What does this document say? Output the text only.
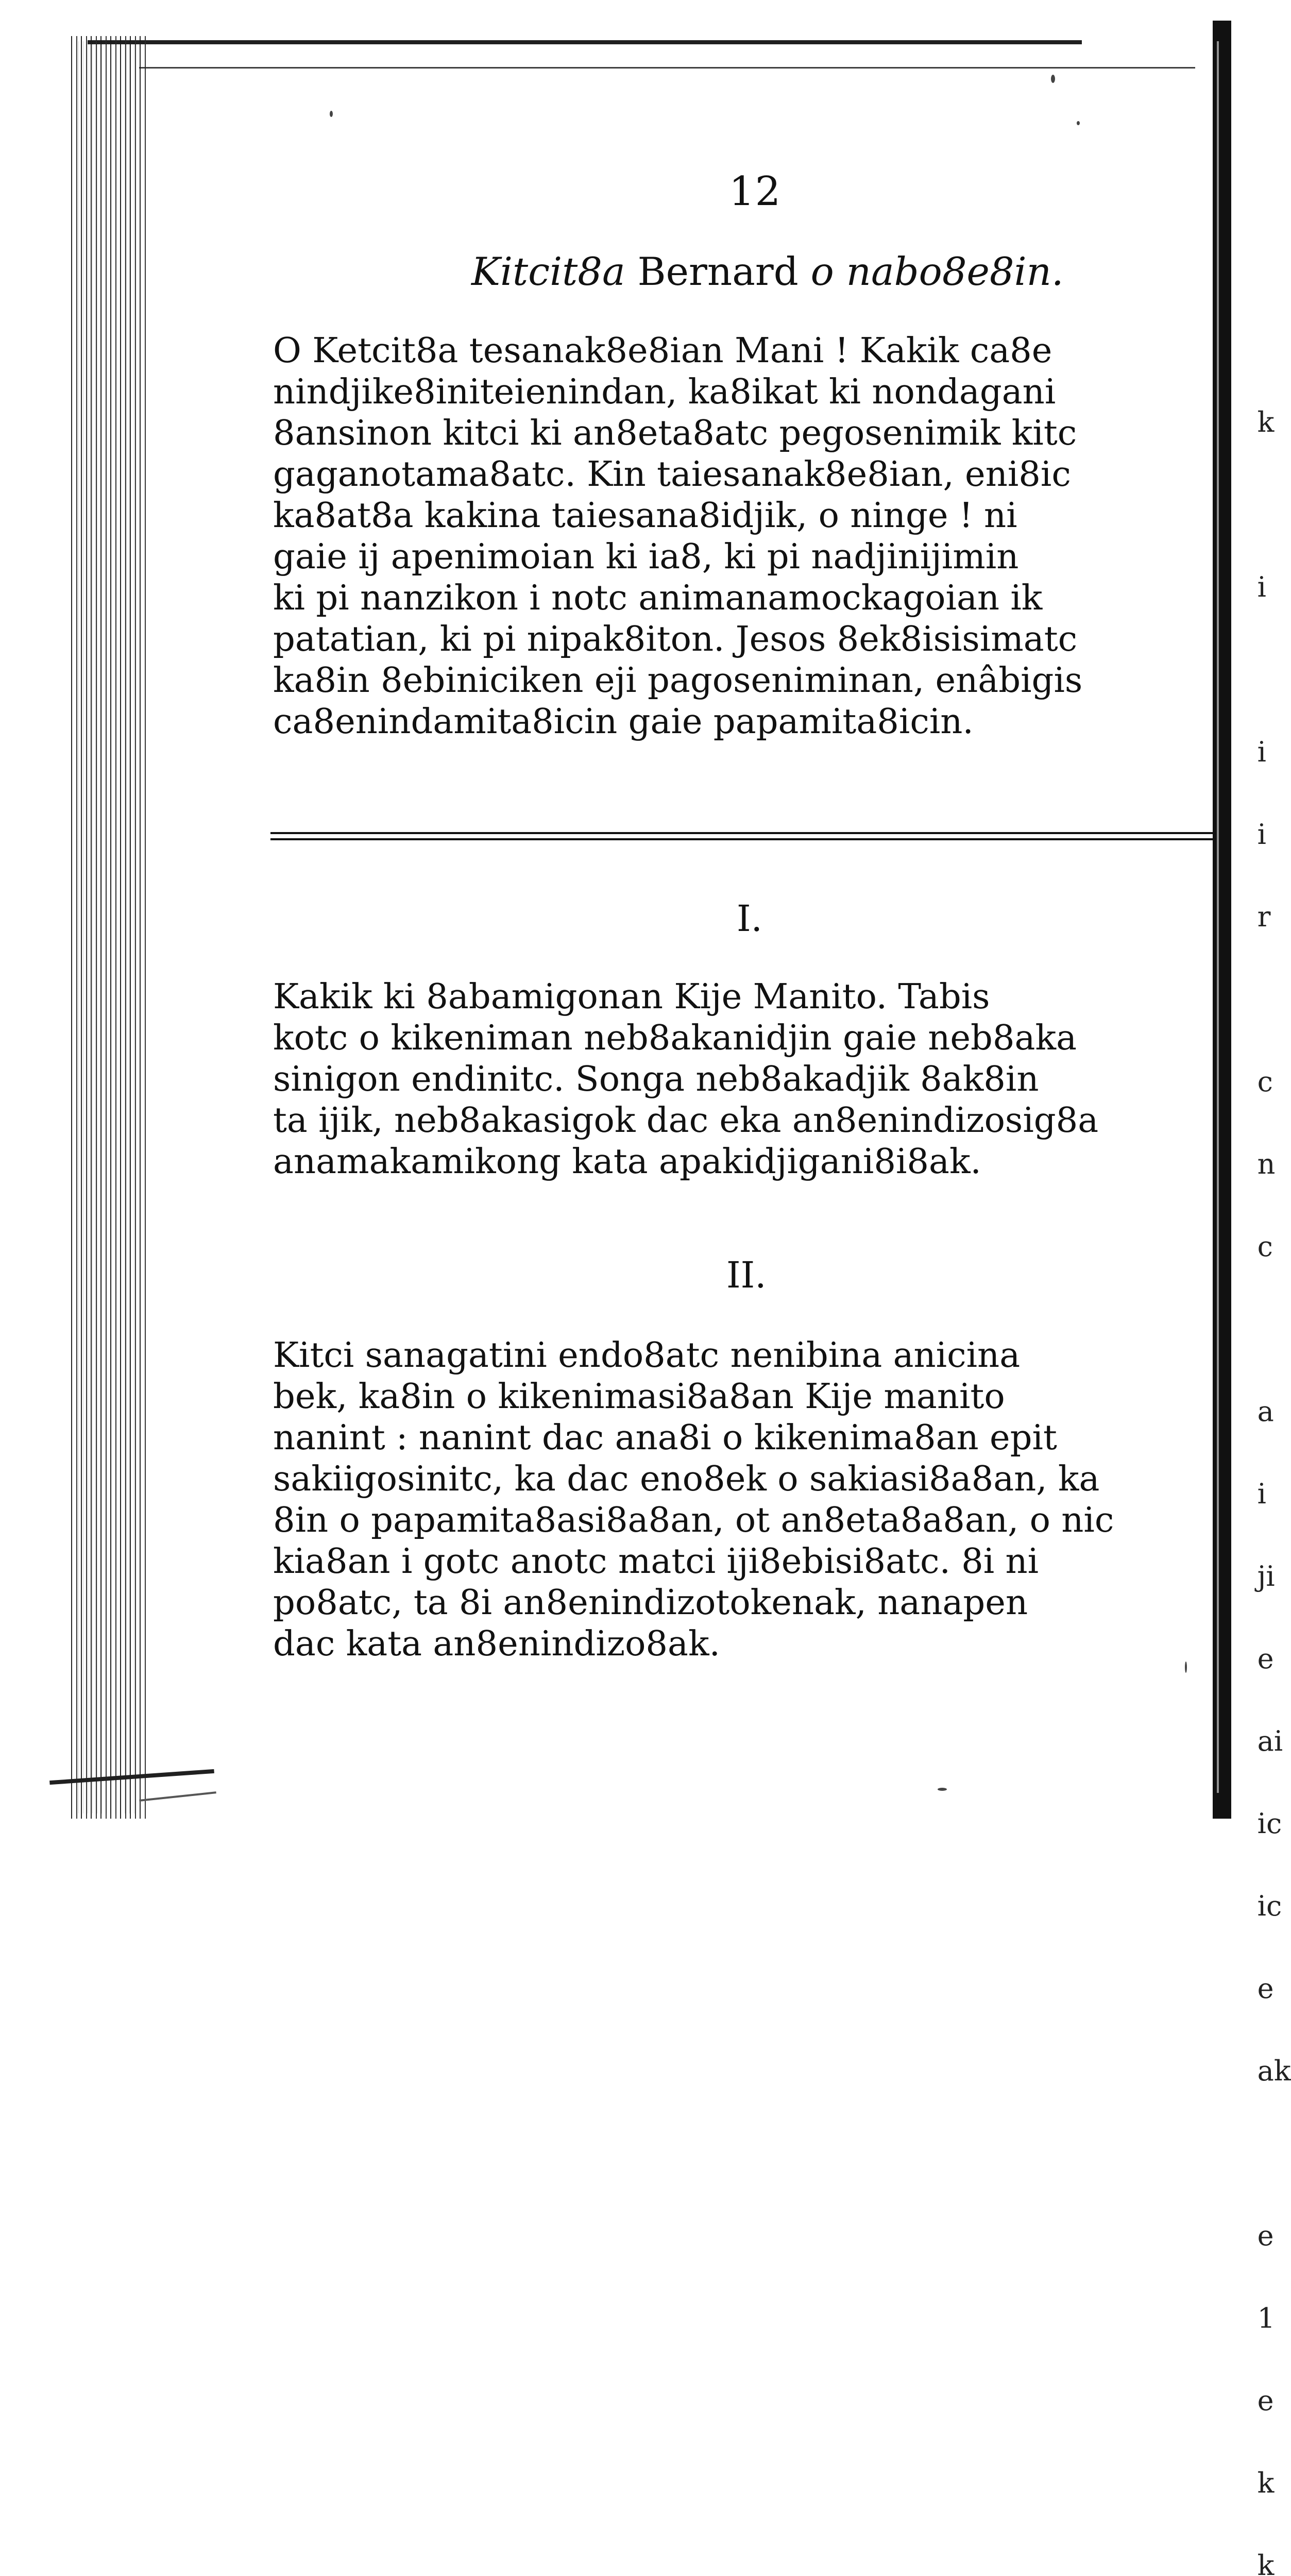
12
Kitcit8a Bernard o nabo8e8in.
O Ketcit8a tesanak8e8ian Mani ! Kakik ca8e
nindjike8initeienindan, ka8ikat ki nondagani
8ansinon kitci ki an8eta8atc pegosenimik kitc
gaganotama8atc. Kin taiesanak8e8ian, eni8ic
ka8at8a kakina taiesana8idjik, o ninge ! ni
gaie ij apenimoian ki ia8, ki pi nadjinijimin
ki pi nanzikon i notc animanamockagoian ik
patatian, ki pi nipak8iton. Jesos 8ek8isisimatc
ka8in 8ebiniciken eji pagoseniminan, enâbigis
ca8enindamita8icin gaie papamita8icin.
I.
Kakik ki 8abamigonan Kije Manito. Tabis
kotc o kikeniman neb8akanidjin gaie neb8aka
sinigon endinitc. Songa neb8akadjik 8ak8in
ta ijik, neb8akasigok dac eka an8enindizosig8a
anamakamikong kata apakidjigani8i8ak.
II.
Kitci sanagatini endo8atc nenibina anicina
bek, ka8in o kikenimasi8a8an Kije manito
nanint : nanint dac ana8i o kikenima8an epit
sakiigosinitc, ka dac eno8ek o sakiasi8a8an, ka
8in o papamita8asi8a8an, ot an8eta8a8an, o nic
kia8an i gotc anotc matci iji8ebisi8atc. 8i ni
po8atc, ta 8i an8enindizotokenak, nanapen
dac kata an8enindizo8ak.

k

i

i

i

r

c

n

c

a

i

ji

e

ai

ic

ic

e

ak

e

1

e

k

k
